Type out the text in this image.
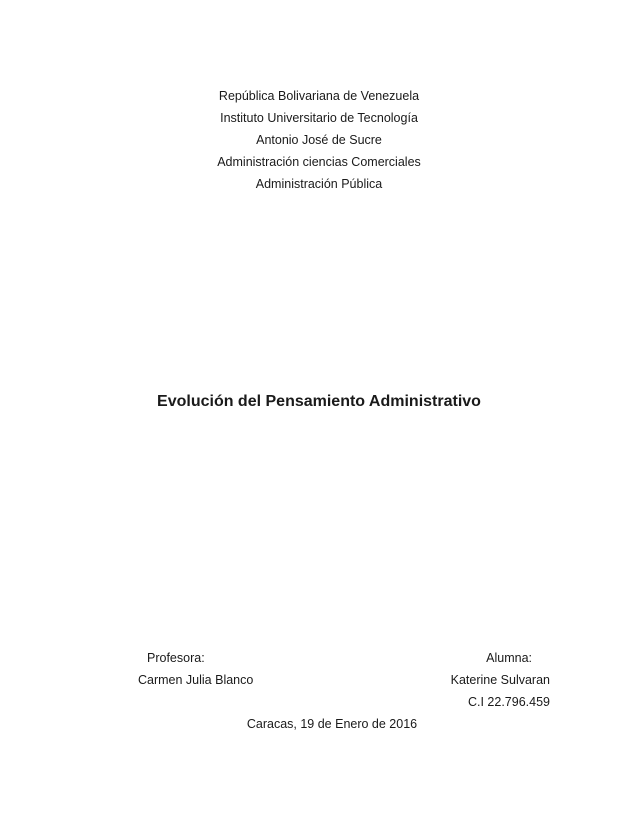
República Bolivariana de Venezuela
Instituto Universitario de Tecnología
Antonio José de Sucre
Administración ciencias Comerciales
Administración Pública
Evolución del Pensamiento Administrativo
Profesora:
Carmen Julia Blanco
Alumna:
Katerine Sulvaran
C.I 22.796.459
Caracas, 19 de Enero de 2016
